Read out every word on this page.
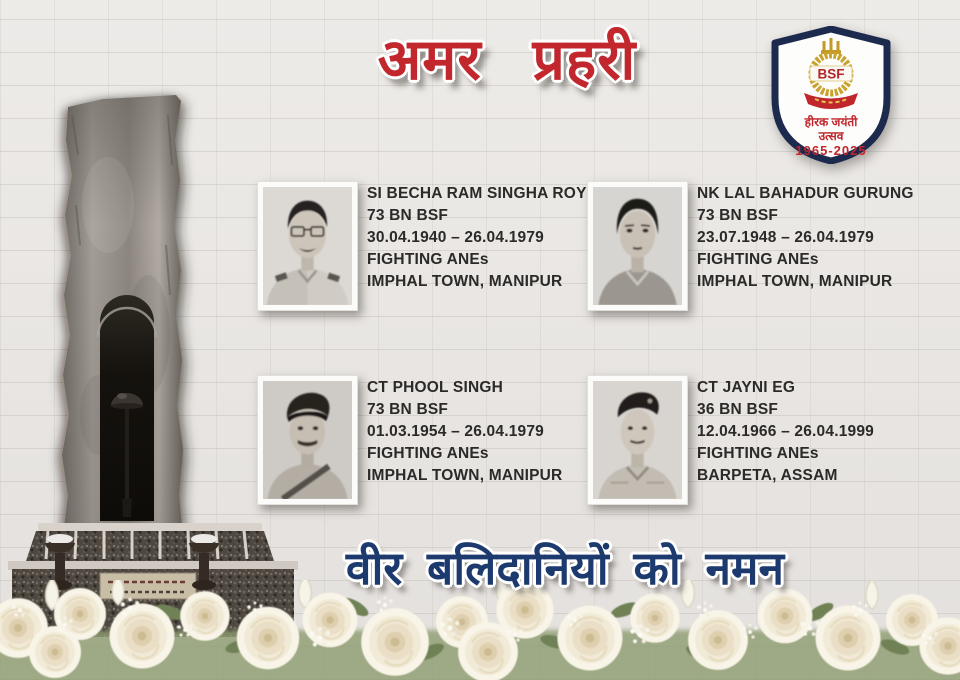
अमर प्रहरी	BSF
हीरक जयंती
उत्सव
1965-2025
SI BECHA RAM SINGHA ROY
73 BN BSF
30.04.1940 – 26.04.1979
FIGHTING ANEs
IMPHAL TOWN, MANIPUR
NK LAL BAHADUR GURUNG
73 BN BSF
23.07.1948 – 26.04.1979
FIGHTING ANEs
IMPHAL TOWN, MANIPUR
CT PHOOL SINGH
73 BN BSF
01.03.1954 – 26.04.1979
FIGHTING ANEs
IMPHAL TOWN, MANIPUR
CT JAYNI EG
36 BN BSF
12.04.1966 – 26.04.1999
FIGHTING ANEs
BARPETA, ASSAM
वीर बलिदानियों को नमन
